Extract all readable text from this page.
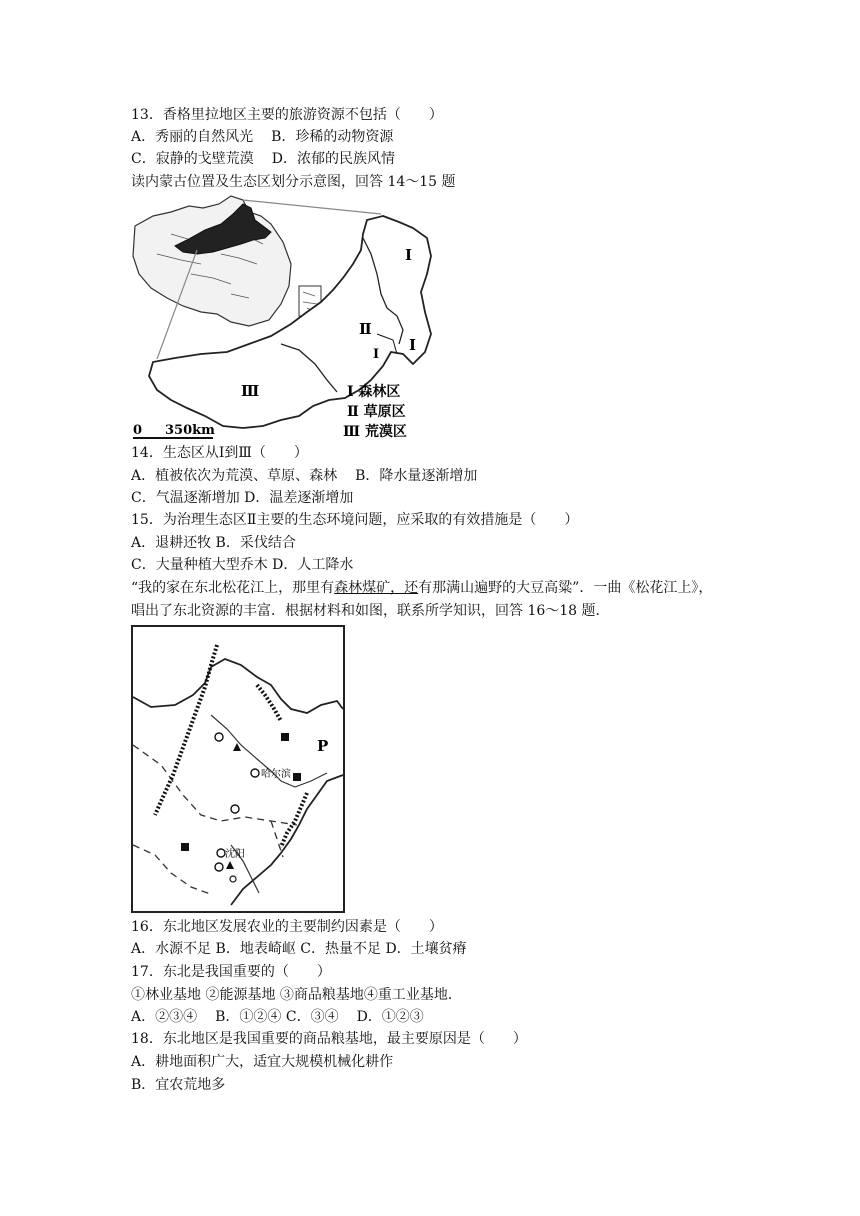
13．香格里拉地区主要的旅游资源不包括（　　）
A．秀丽的自然风光 B．珍稀的动物资源
C．寂静的戈壁荒漠 D．浓郁的民族风情
读内蒙古位置及生态区划分示意图，回答 14～15 题
Ⅰ
Ⅱ
Ⅰ
Ⅰ
Ⅲ	Ⅰ 森林区
Ⅱ 草原区
Ⅲ 荒漠区
0 350km
14．生态区从Ⅰ到Ⅲ（　　）
A．植被依次为荒漠、草原、森林 B．降水量逐渐增加
C．气温逐渐增加 D．温差逐渐增加
15．为治理生态区Ⅱ主要的生态环境问题，应采取的有效措施是（　　）
A．退耕还牧 B．采伐结合
C．大量种植大型乔木 D．人工降水
“我的家在东北松花江上，那里有森林煤矿，还有那满山遍野的大豆高粱”．一曲《松花江上》，
唱出了东北资源的丰富．根据材料和如图，联系所学知识，回答 16～18 题．
P
哈尔滨
沈阳
16．东北地区发展农业的主要制约因素是（　　）
A．水源不足 B．地表崎岖 C．热量不足 D．土壤贫瘠
17．东北是我国重要的（　　）
①林业基地 ②能源基地 ③商品粮基地④重工业基地．
A．②③④ B．①②④ C．③④ D．①②③
18．东北地区是我国重要的商品粮基地，最主要原因是（　　）
A．耕地面积广大，适宜大规模机械化耕作
B．宜农荒地多
